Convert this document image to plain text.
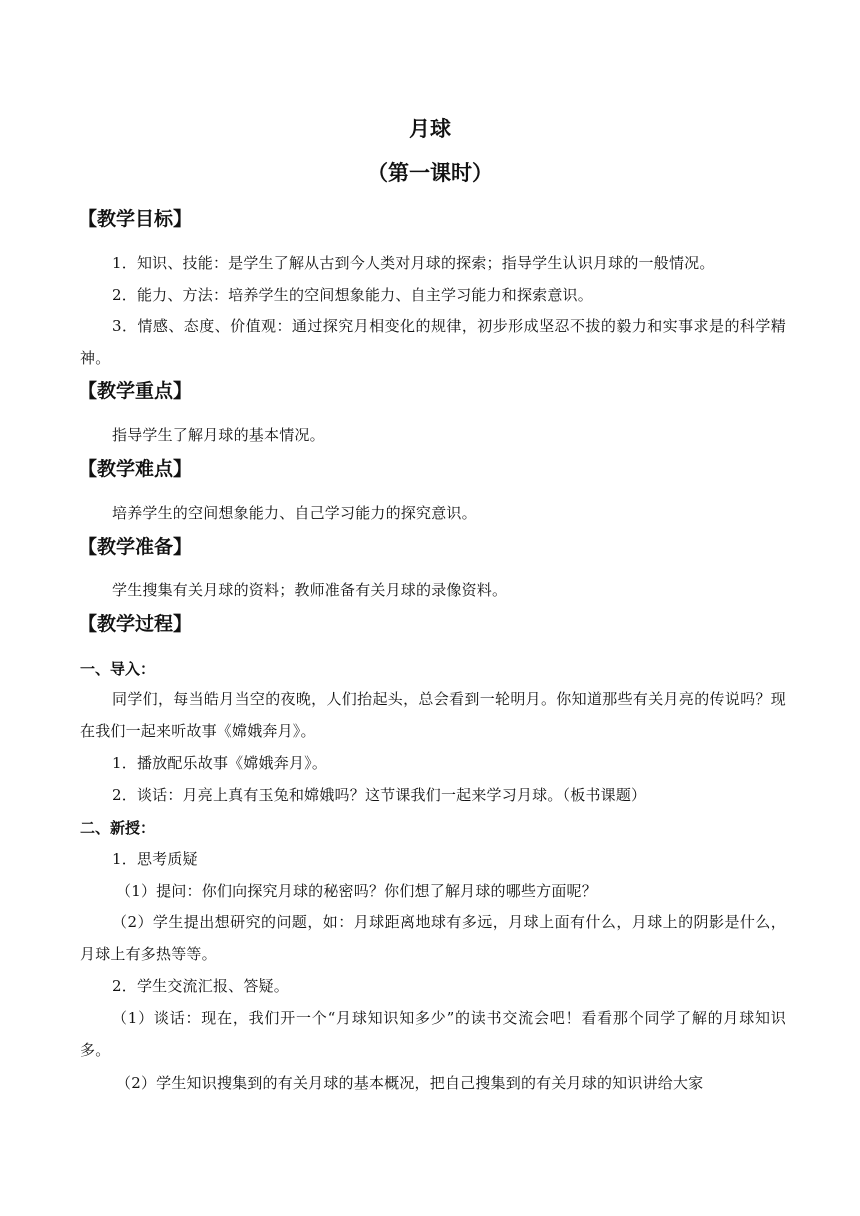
月球
（第一课时）
【教学目标】
1．知识、技能：是学生了解从古到今人类对月球的探索；指导学生认识月球的一般情况。
2．能力、方法：培养学生的空间想象能力、自主学习能力和探索意识。
3．情感、态度、价值观：通过探究月相变化的规律，初步形成坚忍不拔的毅力和实事求是的科学精神。
【教学重点】
指导学生了解月球的基本情况。
【教学难点】
培养学生的空间想象能力、自己学习能力的探究意识。
【教学准备】
学生搜集有关月球的资料；教师准备有关月球的录像资料。
【教学过程】
一、导入：
同学们，每当皓月当空的夜晚，人们抬起头，总会看到一轮明月。你知道那些有关月亮的传说吗？现在我们一起来听故事《嫦娥奔月》。
1．播放配乐故事《嫦娥奔月》。
2．谈话：月亮上真有玉兔和嫦娥吗？这节课我们一起来学习月球。（板书课题）
二、新授：
1．思考质疑
（1）提问：你们向探究月球的秘密吗？你们想了解月球的哪些方面呢？
（2）学生提出想研究的问题，如：月球距离地球有多远，月球上面有什么，月球上的阴影是什么，月球上有多热等等。
2．学生交流汇报、答疑。
（1）谈话：现在，我们开一个“月球知识知多少”的读书交流会吧！看看那个同学了解的月球知识多。
（2）学生知识搜集到的有关月球的基本概况，把自己搜集到的有关月球的知识讲给大家
